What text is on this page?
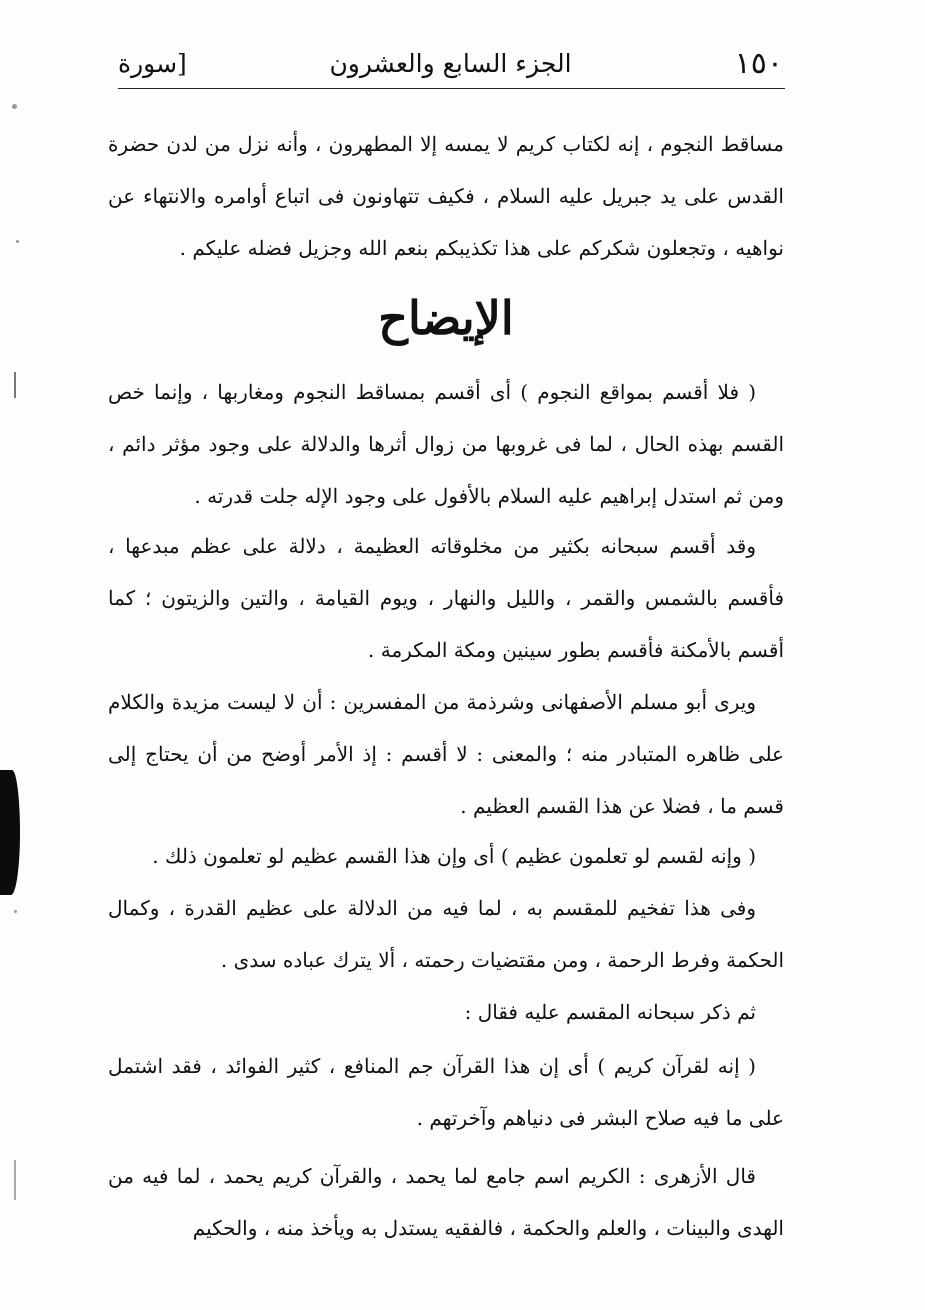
١٥٠
الجزء السابع والعشرون
[سورة

مساقط النجوم ، إنه لكتاب كريم لا يمسه إلا المطهرون ، وأنه نزل من لدن حضرة القدس على يد جبريل عليه السلام ، فكيف تتهاونون فى اتباع أوامره والانتهاء عن نواهيه ، وتجعلون شكركم على هذا تكذيبكم بنعم الله وجزيل فضله عليكم .

الإيضاح

( فلا أقسم بمواقع النجوم ) أى أقسم بمساقط النجوم ومغاربها ، وإنما خص القسم بهذه الحال ، لما فى غروبها من زوال أثرها والدلالة على وجود مؤثر دائم ، ومن ثم استدل إبراهيم عليه السلام بالأفول على وجود الإله جلت قدرته .

وقد أقسم سبحانه بكثير من مخلوقاته العظيمة ، دلالة على عظم مبدعها ، فأقسم بالشمس والقمر ، والليل والنهار ، ويوم القيامة ، والتين والزيتون ؛ كما أقسم بالأمكنة فأقسم بطور سينين ومكة المكرمة .

ويرى أبو مسلم الأصفهانى وشرذمة من المفسرين : أن لا ليست مزيدة والكلام على ظاهره المتبادر منه ؛ والمعنى : لا أقسم : إذ الأمر أوضح من أن يحتاج إلى قسم ما ، فضلا عن هذا القسم العظيم .

( وإنه لقسم لو تعلمون عظيم ) أى وإن هذا القسم عظيم لو تعلمون ذلك .

وفى هذا تفخيم للمقسم به ، لما فيه من الدلالة على عظيم القدرة ، وكمال الحكمة وفرط الرحمة ، ومن مقتضيات رحمته ، ألا يترك عباده سدى .

ثم ذكر سبحانه المقسم عليه فقال :

( إنه لقرآن كريم ) أى إن هذا القرآن جم المنافع ، كثير الفوائد ، فقد اشتمل على ما فيه صلاح البشر فى دنياهم وآخرتهم .

قال الأزهرى : الكريم اسم جامع لما يحمد ، والقرآن كريم يحمد ، لما فيه من الهدى والبينات ، والعلم والحكمة ، فالفقيه يستدل به ويأخذ منه ، والحكيم
